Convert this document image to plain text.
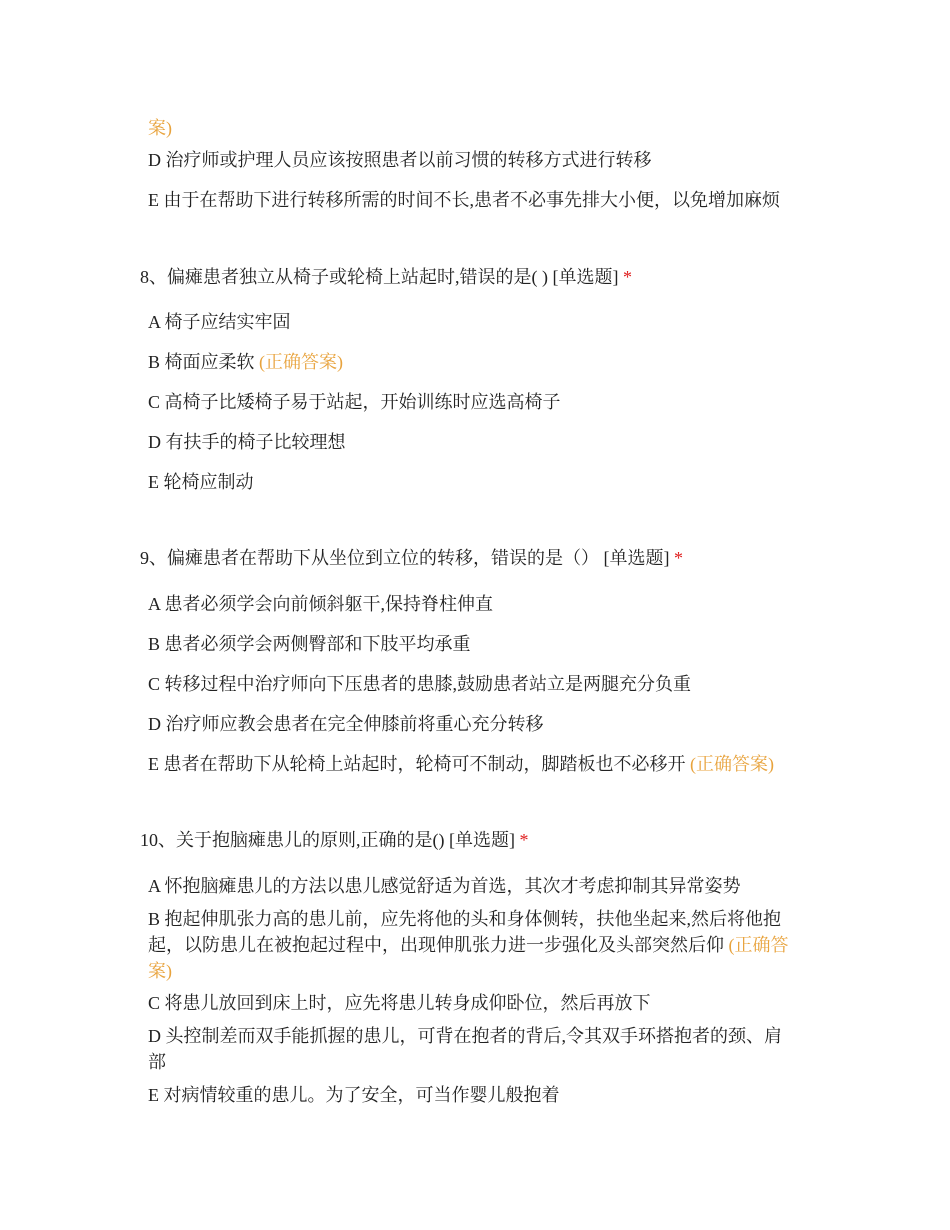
案)
D 治疗师或护理人员应该按照患者以前习惯的转移方式进行转移
E 由于在帮助下进行转移所需的时间不长,患者不必事先排大小便，以免增加麻烦
8、偏瘫患者独立从椅子或轮椅上站起时,错误的是( ) [单选题] *
A 椅子应结实牢固
B 椅面应柔软 (正确答案)
C 高椅子比矮椅子易于站起，开始训练时应选高椅子
D 有扶手的椅子比较理想
E 轮椅应制动
9、偏瘫患者在帮助下从坐位到立位的转移，错误的是（） [单选题] *
A 患者必须学会向前倾斜躯干,保持脊柱伸直
B 患者必须学会两侧臀部和下肢平均承重
C 转移过程中治疗师向下压患者的患膝,鼓励患者站立是两腿充分负重
D 治疗师应教会患者在完全伸膝前将重心充分转移
E 患者在帮助下从轮椅上站起时，轮椅可不制动，脚踏板也不必移开 (正确答案)
10、关于抱脑瘫患儿的原则,正确的是() [单选题] *
A 怀抱脑瘫患儿的方法以患儿感觉舒适为首选，其次才考虑抑制其异常姿势
B 抱起伸肌张力高的患儿前，应先将他的头和身体侧转，扶他坐起来,然后将他抱起，以防患儿在被抱起过程中，出现伸肌张力进一步强化及头部突然后仰 (正确答案)
C 将患儿放回到床上时，应先将患儿转身成仰卧位，然后再放下
D 头控制差而双手能抓握的患儿，可背在抱者的背后,令其双手环搭抱者的颈、肩部
E 对病情较重的患儿。为了安全，可当作婴儿般抱着
